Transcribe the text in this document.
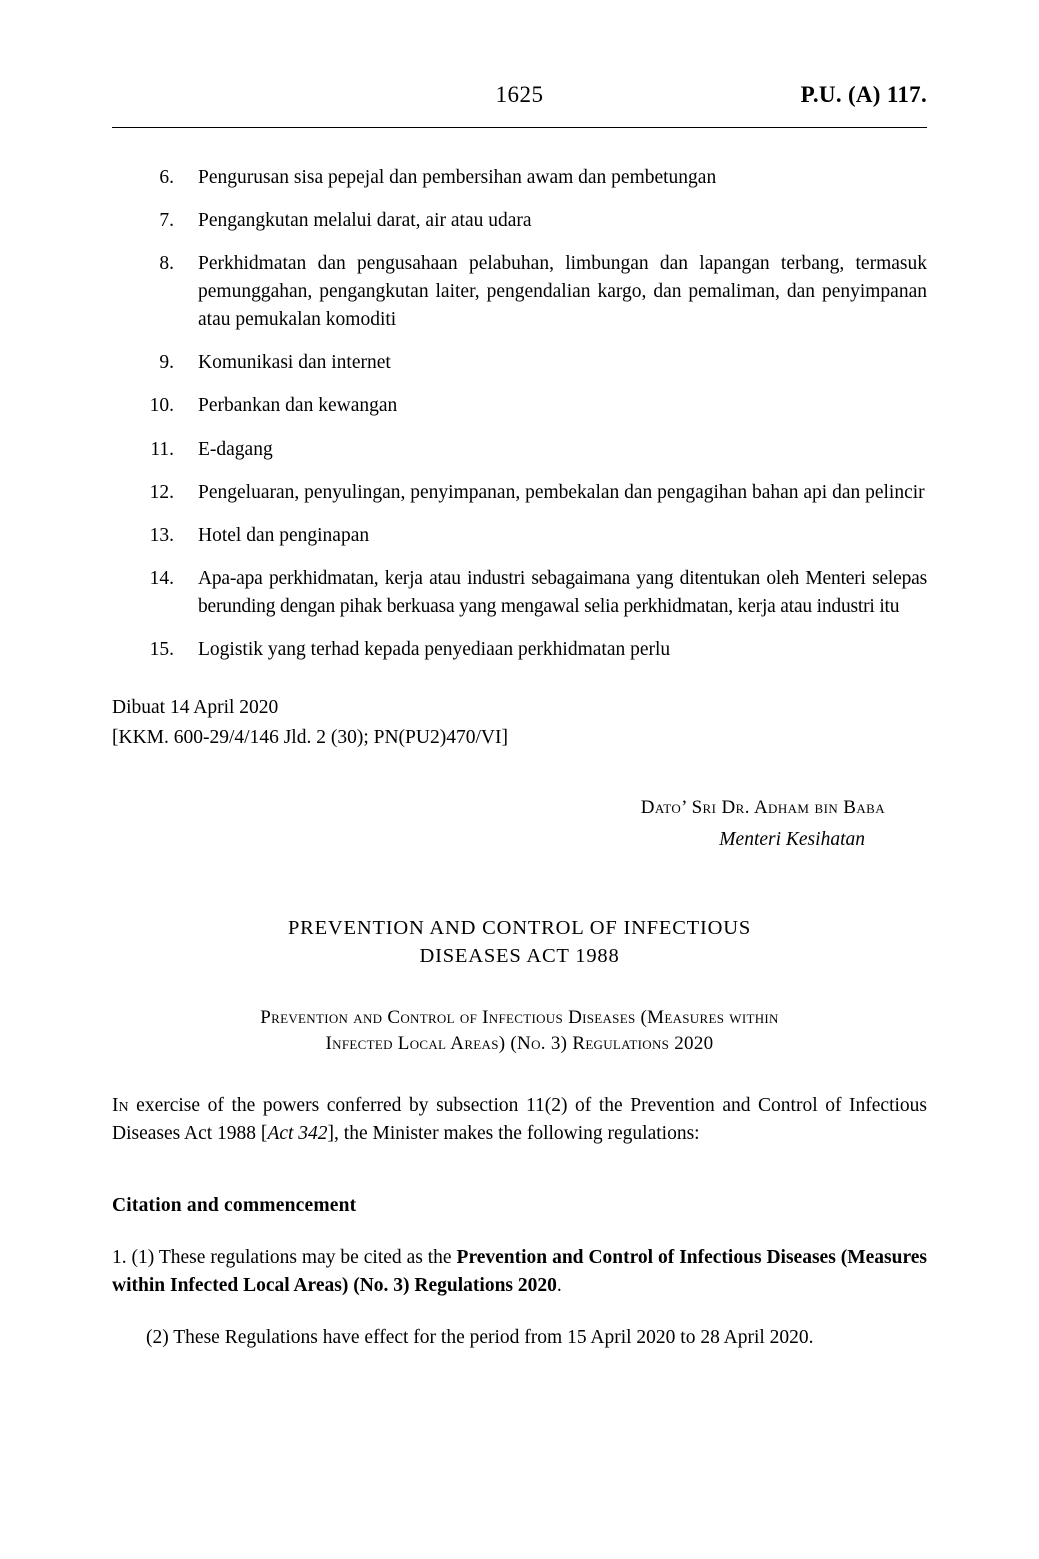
1625	P.U. (A) 117.
6. Pengurusan sisa pepejal dan pembersihan awam dan pembetungan
7. Pengangkutan melalui darat, air atau udara
8. Perkhidmatan dan pengusahaan pelabuhan, limbungan dan lapangan terbang, termasuk pemunggahan, pengangkutan laiter, pengendalian kargo, dan pemaliman, dan penyimpanan atau pemukalan komoditi
9. Komunikasi dan internet
10. Perbankan dan kewangan
11. E-dagang
12. Pengeluaran, penyulingan, penyimpanan, pembekalan dan pengagihan bahan api dan pelincir
13. Hotel dan penginapan
14. Apa-apa perkhidmatan, kerja atau industri sebagaimana yang ditentukan oleh Menteri selepas berunding dengan pihak berkuasa yang mengawal selia perkhidmatan, kerja atau industri itu
15. Logistik yang terhad kepada penyediaan perkhidmatan perlu
Dibuat 14 April 2020
[KKM. 600-29/4/146 Jld. 2 (30); PN(PU2)470/VI]
Dato’ Sri Dr. Adham bin Baba
Menteri Kesihatan
PREVENTION AND CONTROL OF INFECTIOUS
DISEASES ACT 1988
Prevention and Control of Infectious Diseases (Measures within
Infected Local Areas) (No. 3) Regulations 2020
In exercise of the powers conferred by subsection 11(2) of the Prevention and Control of Infectious Diseases Act 1988 [Act 342], the Minister makes the following regulations:
Citation and commencement
1. (1) These regulations may be cited as the Prevention and Control of Infectious Diseases (Measures within Infected Local Areas) (No. 3) Regulations 2020.
(2) These Regulations have effect for the period from 15 April 2020 to 28 April 2020.
